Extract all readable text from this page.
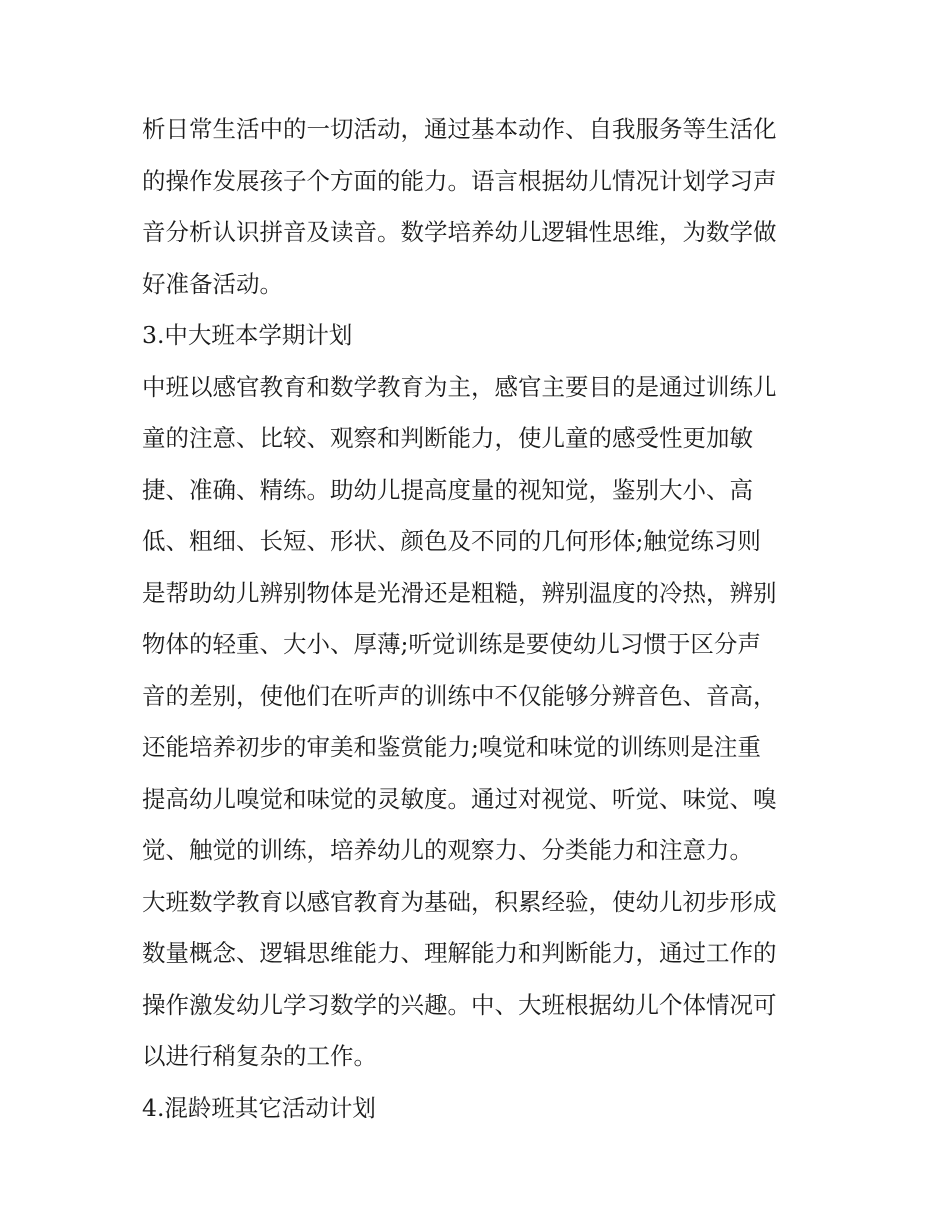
析日常生活中的一切活动，通过基本动作、自我服务等生活化
的操作发展孩子个方面的能力。语言根据幼儿情况计划学习声
音分析认识拼音及读音。数学培养幼儿逻辑性思维，为数学做
好准备活动。
3.中大班本学期计划
中班以感官教育和数学教育为主，感官主要目的是通过训练儿
童的注意、比较、观察和判断能力，使儿童的感受性更加敏
捷、准确、精练。助幼儿提高度量的视知觉，鉴别大小、高
低、粗细、长短、形状、颜色及不同的几何形体;触觉练习则
是帮助幼儿辨别物体是光滑还是粗糙，辨别温度的冷热，辨别
物体的轻重、大小、厚薄;听觉训练是要使幼儿习惯于区分声
音的差别，使他们在听声的训练中不仅能够分辨音色、音高，
还能培养初步的审美和鉴赏能力;嗅觉和味觉的训练则是注重
提高幼儿嗅觉和味觉的灵敏度。通过对视觉、听觉、味觉、嗅
觉、触觉的训练，培养幼儿的观察力、分类能力和注意力。
大班数学教育以感官教育为基础，积累经验，使幼儿初步形成
数量概念、逻辑思维能力、理解能力和判断能力，通过工作的
操作激发幼儿学习数学的兴趣。中、大班根据幼儿个体情况可
以进行稍复杂的工作。
4.混龄班其它活动计划
